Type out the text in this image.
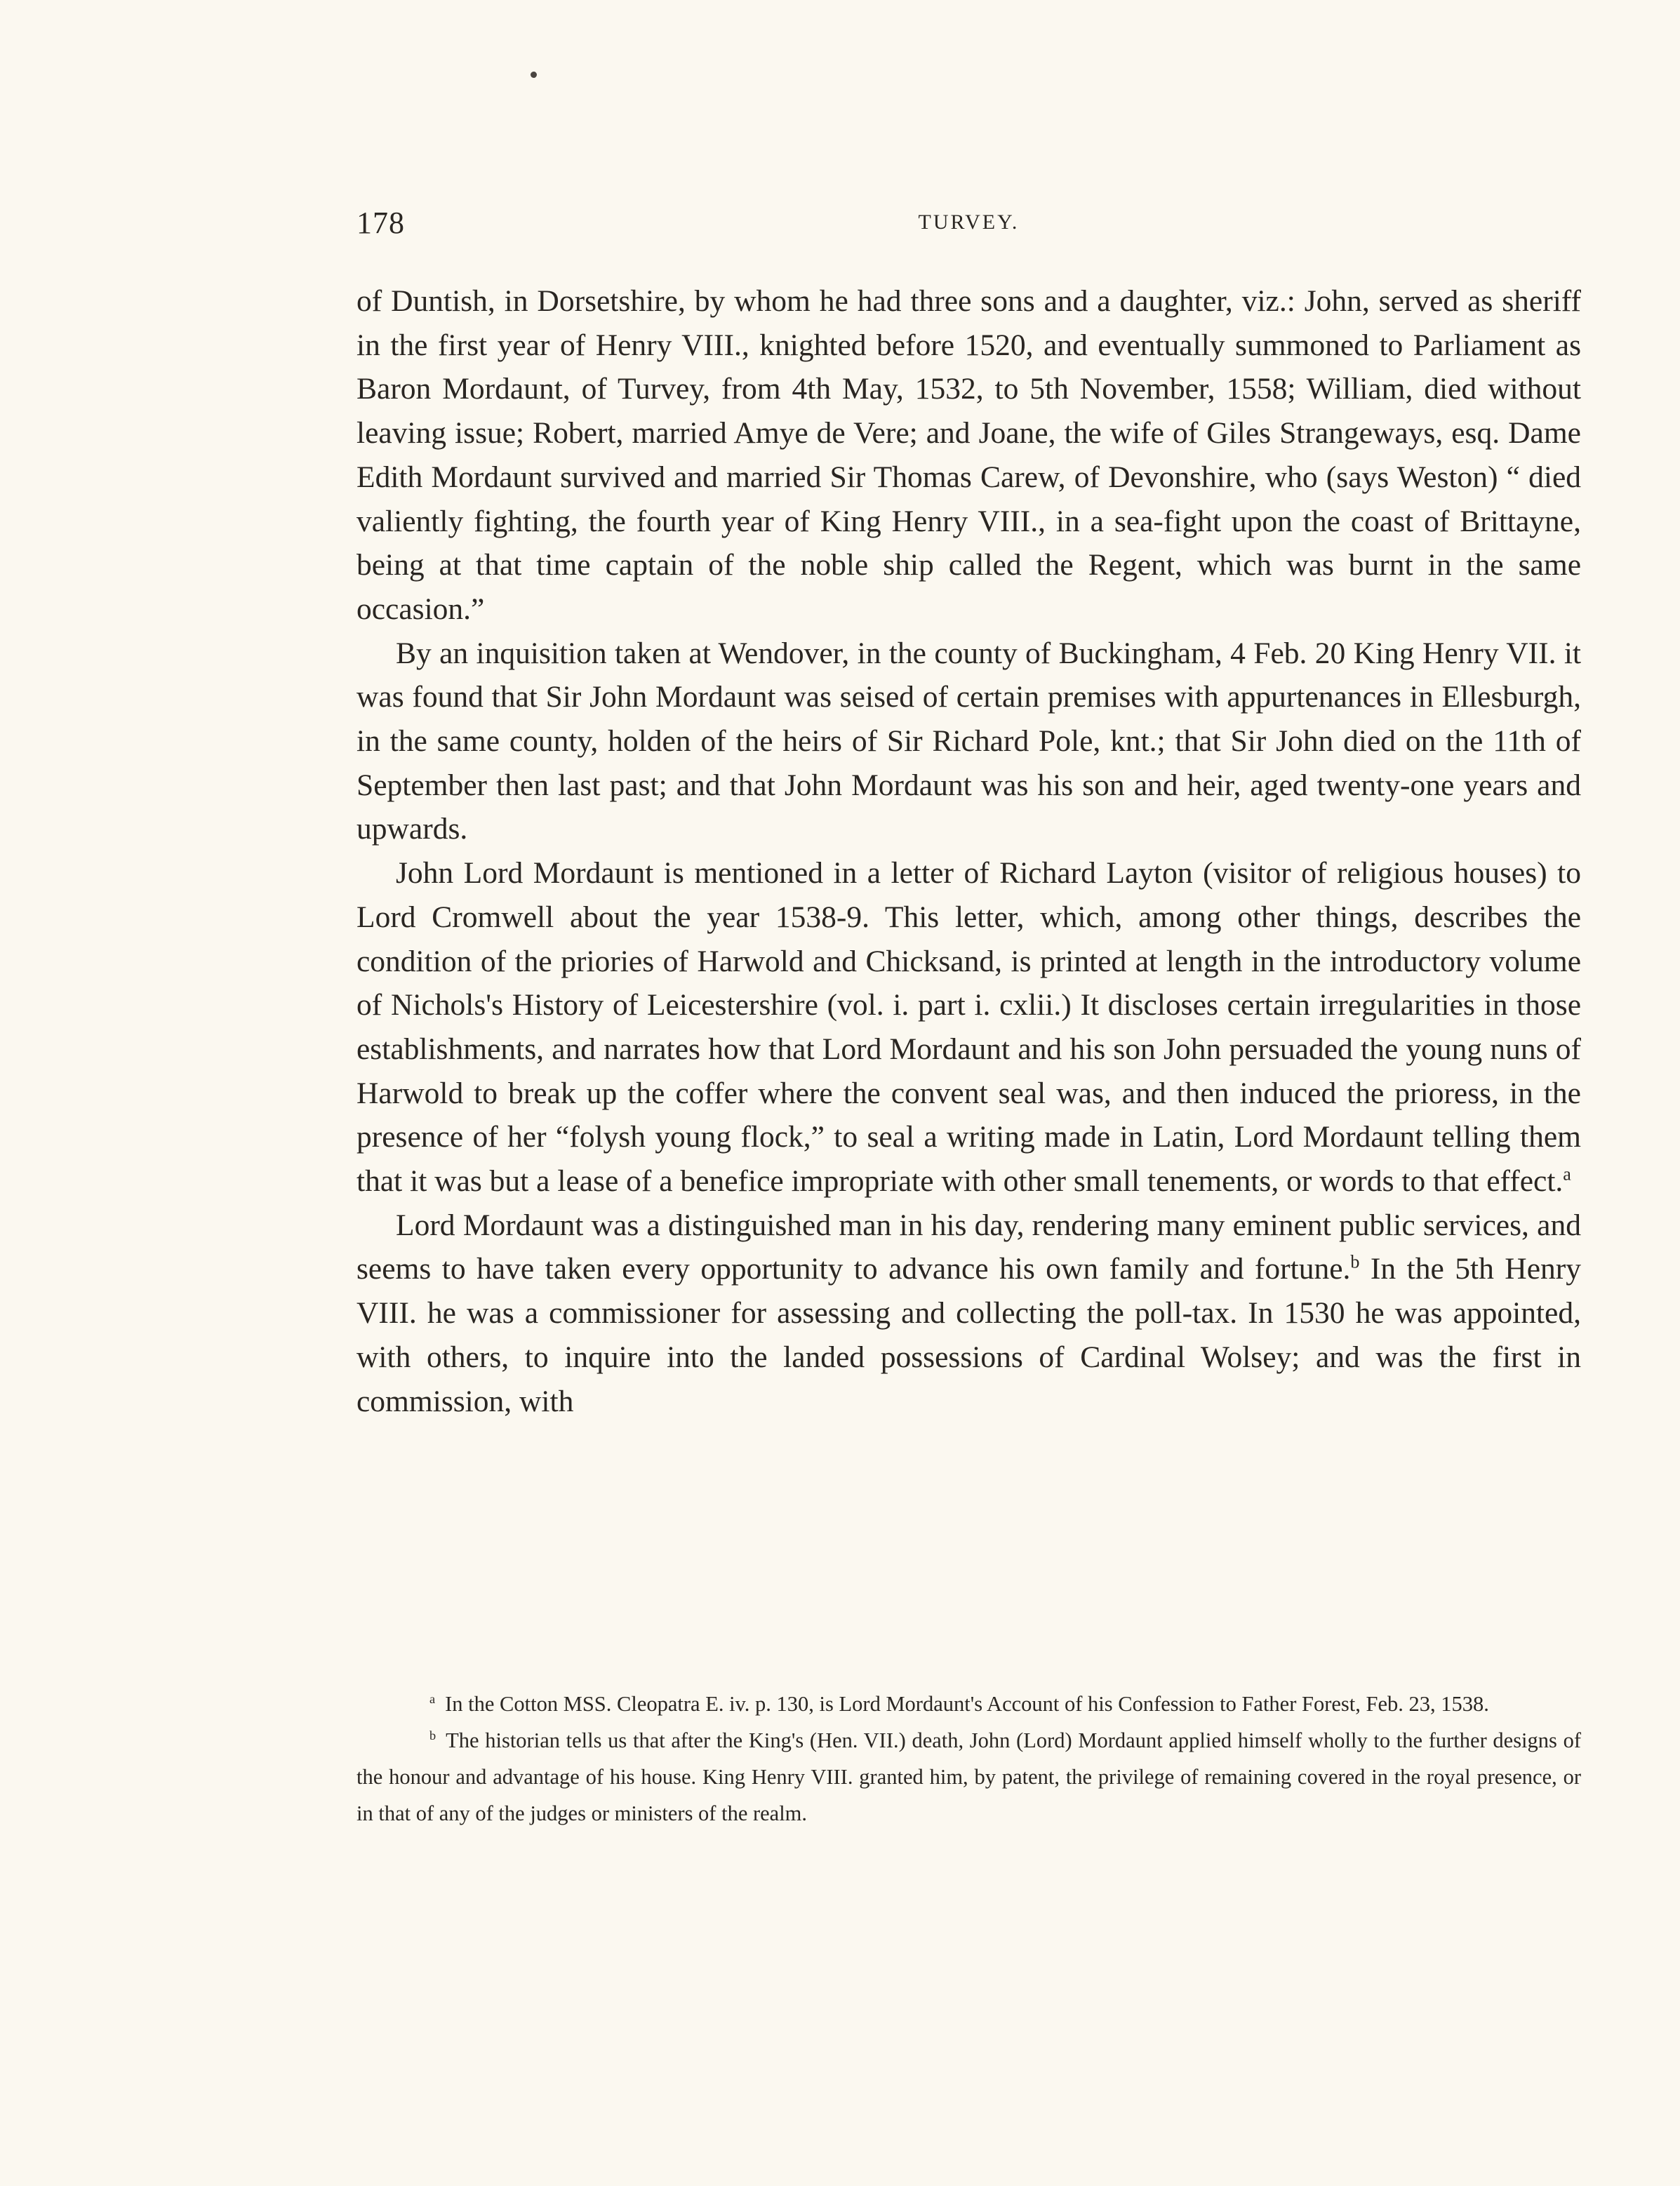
178	TURVEY.

of Duntish, in Dorsetshire, by whom he had three sons and a daughter, viz.: John, served as sheriff in the first year of Henry VIII., knighted before 1520, and eventually summoned to Parliament as Baron Mordaunt, of Turvey, from 4th May, 1532, to 5th November, 1558; William, died without leaving issue; Robert, married Amye de Vere; and Joane, the wife of Giles Strangeways, esq. Dame Edith Mordaunt survived and married Sir Thomas Carew, of Devonshire, who (says Weston) “ died valiently fighting, the fourth year of King Henry VIII., in a sea-fight upon the coast of Brittayne, being at that time captain of the noble ship called the Regent, which was burnt in the same occasion.”

By an inquisition taken at Wendover, in the county of Buckingham, 4 Feb. 20 King Henry VII. it was found that Sir John Mordaunt was seised of certain premises with appurtenances in Ellesburgh, in the same county, holden of the heirs of Sir Richard Pole, knt.; that Sir John died on the 11th of September then last past; and that John Mordaunt was his son and heir, aged twenty-one years and upwards.

John Lord Mordaunt is mentioned in a letter of Richard Layton (visitor of religious houses) to Lord Cromwell about the year 1538-9. This letter, which, among other things, describes the condition of the priories of Harwold and Chicksand, is printed at length in the introductory volume of Nichols's History of Leicestershire (vol. i. part i. cxlii.) It discloses certain irregularities in those establishments, and narrates how that Lord Mordaunt and his son John persuaded the young nuns of Harwold to break up the coffer where the convent seal was, and then induced the prioress, in the presence of her “folysh young flock,” to seal a writing made in Latin, Lord Mordaunt telling them that it was but a lease of a benefice impropriate with other small tenements, or words to that effect.$^a$

Lord Mordaunt was a distinguished man in his day, rendering many eminent public services, and seems to have taken every opportunity to advance his own family and fortune.$^b$ In the 5th Henry VIII. he was a commissioner for assessing and collecting the poll-tax. In 1530 he was appointed, with others, to inquire into the landed possessions of Cardinal Wolsey; and was the first in commission, with

$^a$ In the Cotton MSS. Cleopatra E. iv. p. 130, is Lord Mordaunt's Account of his Confession to Father Forest, Feb. 23, 1538.

$^b$ The historian tells us that after the King's (Hen. VII.) death, John (Lord) Mordaunt applied himself wholly to the further designs of the honour and advantage of his house. King Henry VIII. granted him, by patent, the privilege of remaining covered in the royal presence, or in that of any of the judges or ministers of the realm.
